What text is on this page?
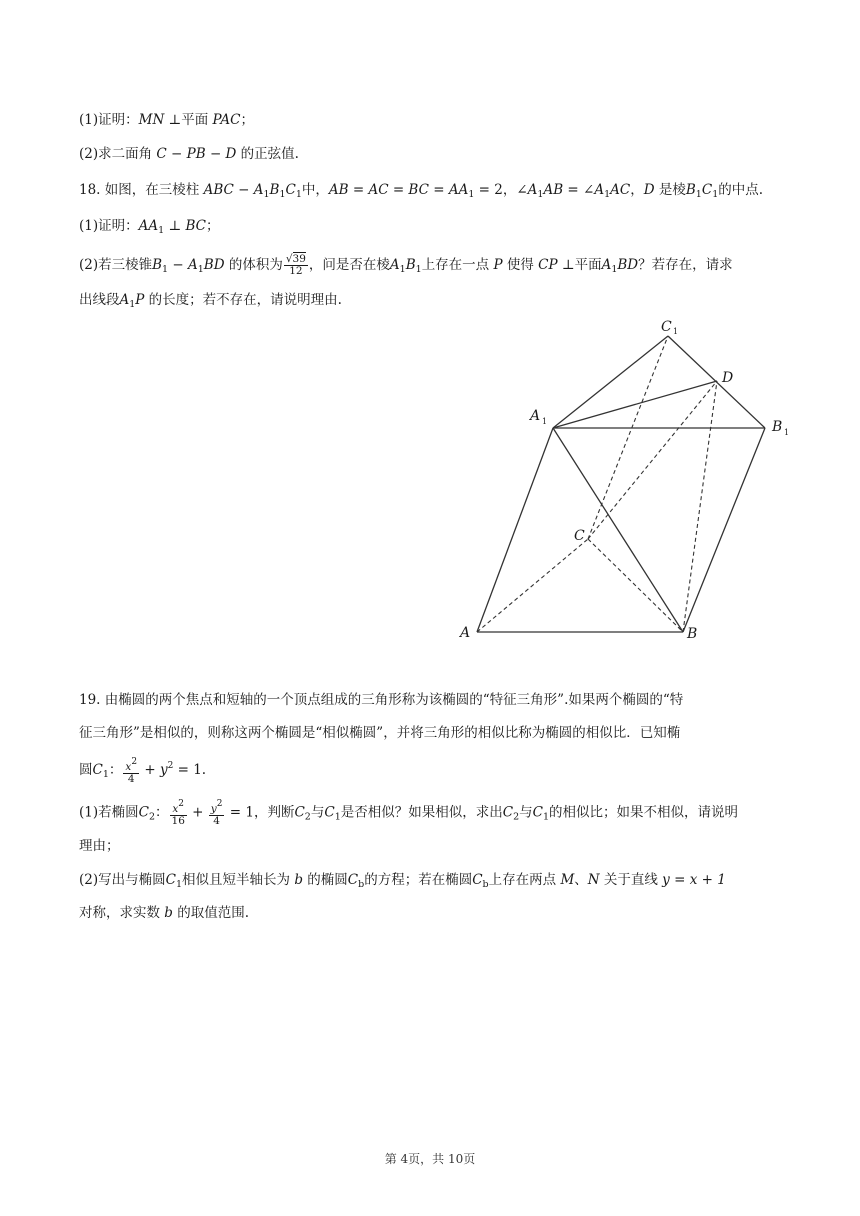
(1)证明：MN ⊥平面 PAC；
(2)求二面角 C − PB − D 的正弦值.
18. 如图，在三棱柱 ABC − $A_1B_1C_1$中，AB = AC = BC = $AA_1 = 2$，$\angle A_1AB$ = $\angle A_1AC$，D 是棱$B_1C_1$的中点.
(1)证明：$AA_1$ ⊥ BC；
(2)若三棱锥$B_1 - A_1BD$ 的体积为 $\frac{√39}{12}$ ，问是否在棱$A_1B_1$上存在一点 P 使得 CP ⊥平面$A_1BD$？若存在，请求
出线段$A_1P$ 的长度；若不存在，请说明理由.
A	B
C
D
A
B
C
1
1
1
19. 由椭圆的两个焦点和短轴的一个顶点组成的三角形称为该椭圆的“特征三角形”.如果两个椭圆的“特
征三角形”是相似的，则称这两个椭圆是“相似椭圆”，并将三角形的相似比称为椭圆的相似比．已知椭
圆$C_1$： $\frac{x2}{4} + y^2 = 1$.
(1)若椭圆$C_2$： $\frac{x2}{16} + \frac{y2}{4} = 1$，判断$C_2$与$C_1$是否相似？如果相似，求出$C_2$与$C_1$的相似比；如果不相似，请说明
理由；
(2)写出与椭圆$C_1$相似且短半轴长为 b 的椭圆$C_b$的方程；若在椭圆$C_b$上存在两点 M、N 关于直线 y = x + 1
对称，求实数 b 的取值范围.
第 4页，共 10页
